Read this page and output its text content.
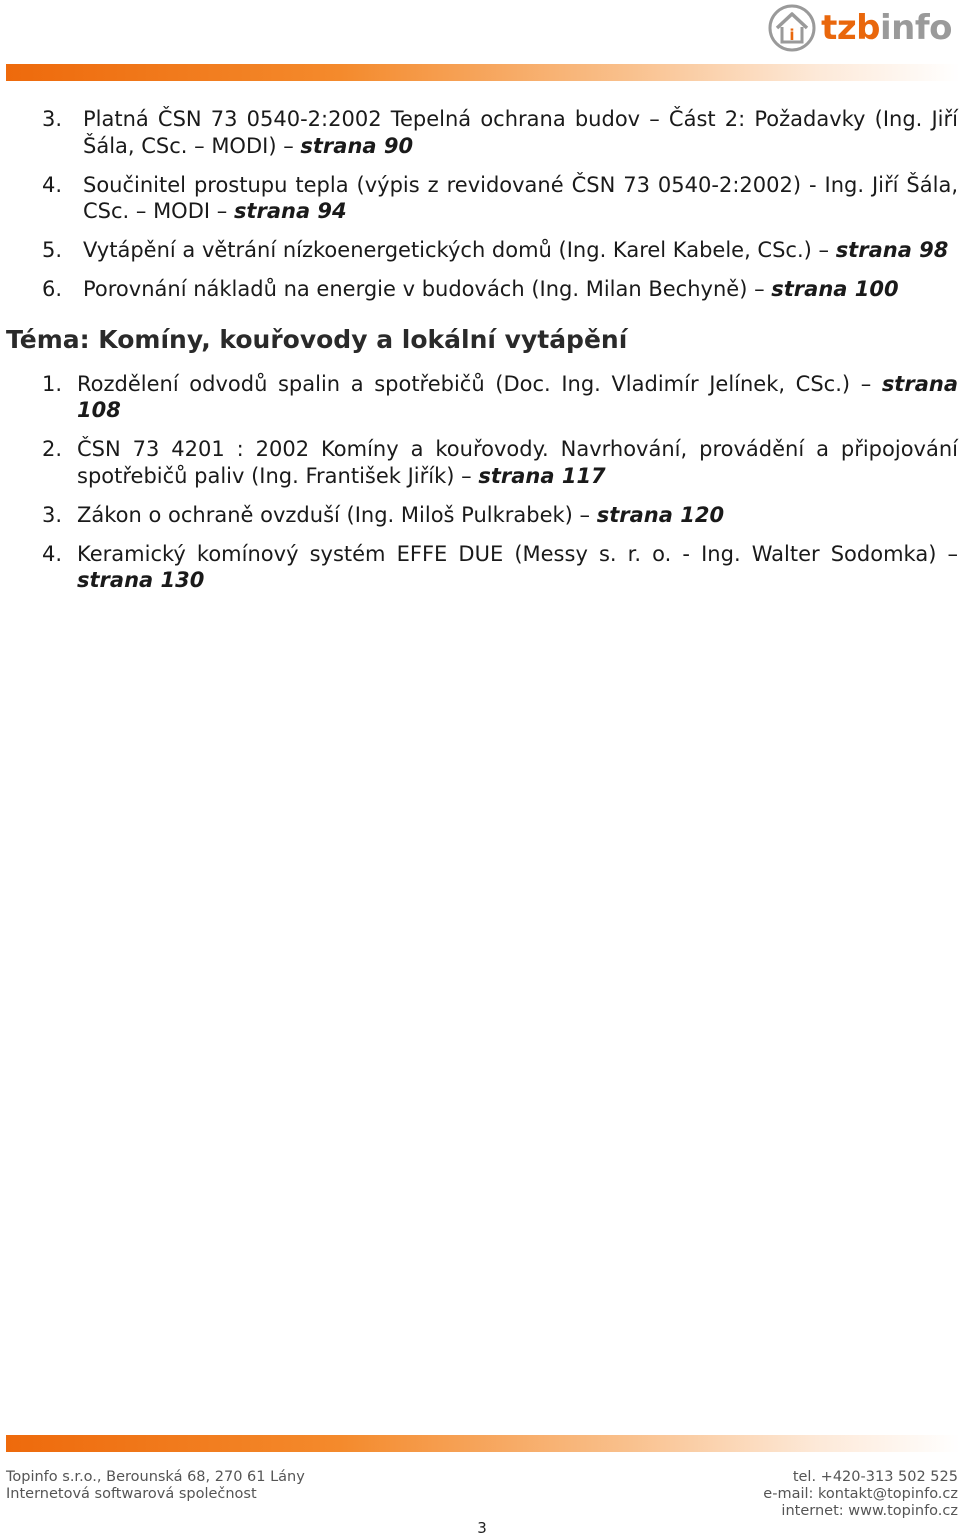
i tzbinfo
3. Platná ČSN 73 0540-2:2002 Tepelná ochrana budov – Část 2: Požadavky (Ing. Jiří Šála, CSc. – MODI) – strana 90
4. Součinitel prostupu tepla (výpis z revidované ČSN 73 0540-2:2002) - Ing. Jiří Šála, CSc. – MODI – strana 94
5. Vytápění a větrání nízkoenergetických domů (Ing. Karel Kabele, CSc.) – strana 98
6. Porovnání nákladů na energie v budovách (Ing. Milan Bechyně) – strana 100
Téma: Komíny, kouřovody a lokální vytápění
1. Rozdělení odvodů spalin a spotřebičů (Doc. Ing. Vladimír Jelínek, CSc.) – strana 108
2. ČSN 73 4201 : 2002 Komíny a kouřovody. Navrhování, provádění a připojování spotřebičů paliv (Ing. František Jiřík) – strana 117
3. Zákon o ochraně ovzduší (Ing. Miloš Pulkrabek) – strana 120
4. Keramický komínový systém EFFE DUE (Messy s. r. o. - Ing. Walter Sodomka) – strana 130
Topinfo s.r.o., Berounská 68, 270 61 Lány
Internetová softwarová společnost
tel. +420-313 502 525
e-mail: kontakt@topinfo.cz
internet: www.topinfo.cz
3
